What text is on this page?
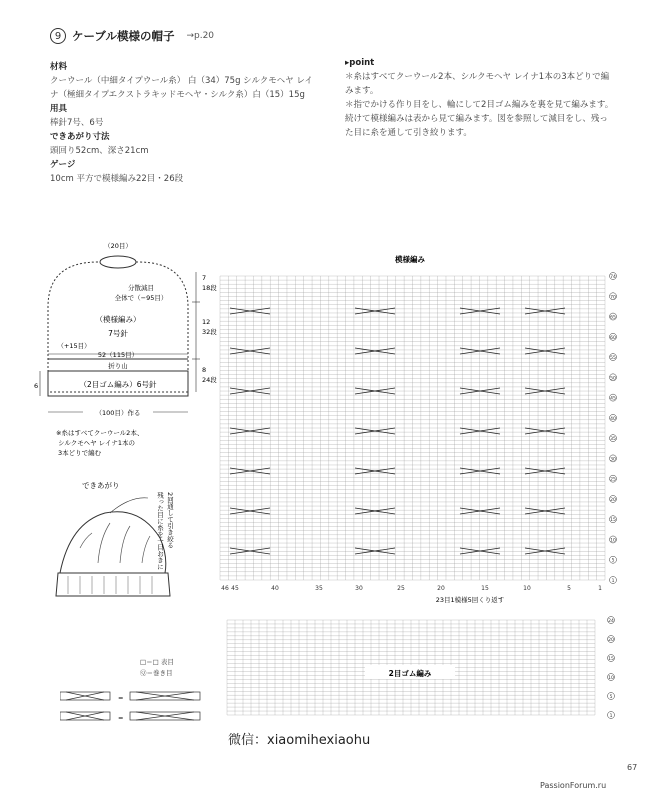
9 ケーブル模様の帽子 →p.20
材料
クーウール（中細タイプウール糸） 白（34）75g シルクモヘヤ レイ
ナ（極細タイプエクストラキッドモヘヤ・シルク糸）白（15）15g
用具
棒針7号、6号
できあがり寸法
頭回り52cm、深さ21cm
ゲージ
10cm 平方で模様編み22目・26段
▸point
＊糸はすべてクーウール2本、シルクモヘヤ レイナ1本の3本どりで編
みます。
＊指でかける作り目をし、輪にして2目ゴム編みを裏を見て編みます。
続けて模様編みは表から見て編みます。図を参照して減目をし、残っ
た目に糸を通して引き絞ります。
（20目）
分散減目
全体で（−95目）
（模様編み）
7号針
（+15目）
52（115目）
折り山
（2目ゴム編み）6号針
（100目）作る
7
18段
12
32段
8
24段
6
※糸はすべてクーウール2本、
シルクモヘヤ レイナ1本の
3本どりで編む
できあがり
残った目に糸を一目おきに 2回通して引き絞る
模様編み
46 45	40	35	30	25	20	15	10	5	1
74
70
65
60
55
50
45
40
35
30
25
20
15
10
5
1
23目1模様5回くり返す
2目ゴム編み
24
20
15
10
5
1
□＝□ 表目
Ⓠ＝巻き目
=
=
微信：xiaomihexiaohu
67
PassionForum.ru
